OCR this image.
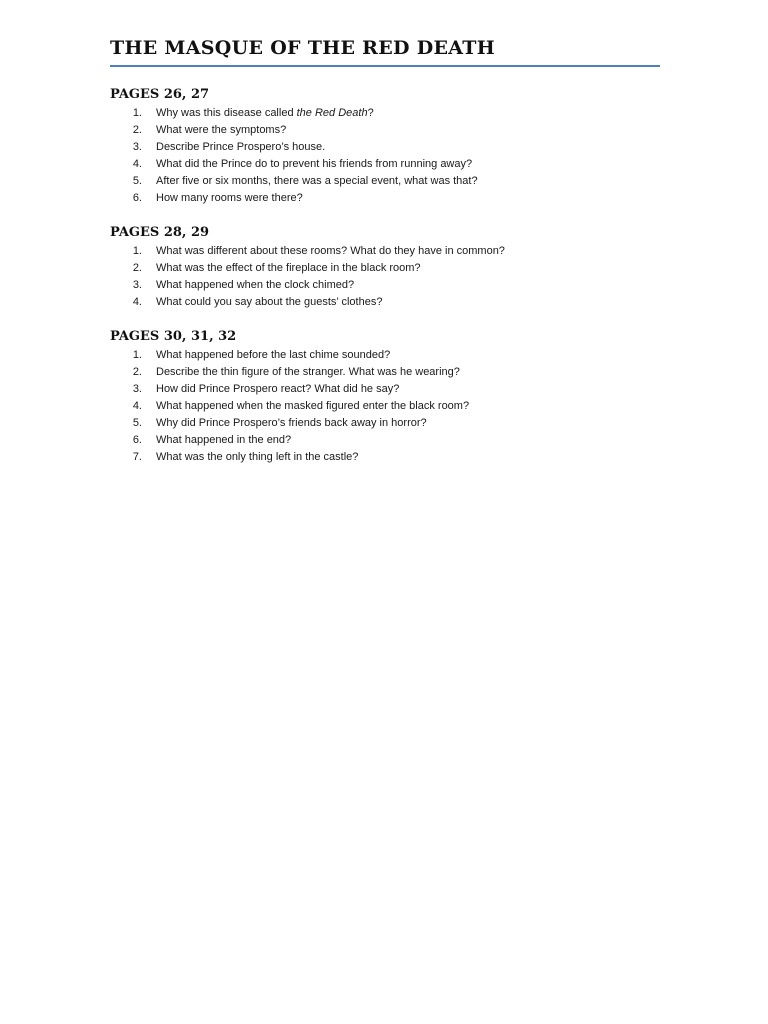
THE MASQUE OF THE RED DEATH
PAGES 26, 27
1.	Why was this disease called the Red Death?
2.	What were the symptoms?
3.	Describe Prince Prospero’s house.
4.	What did the Prince do to prevent his friends from running away?
5.	After five or six months, there was a special event, what was that?
6.	How many rooms were there?
PAGES 28, 29
1.	What was different about these rooms? What do they have in common?
2.	What was the effect of the fireplace in the black room?
3.	What happened when the clock chimed?
4.	What could you say about the guests’ clothes?
PAGES 30, 31, 32
1.	What happened before the last chime sounded?
2.	Describe the thin figure of the stranger. What was he wearing?
3.	How did Prince Prospero react? What did he say?
4.	What happened when the masked figured enter the black room?
5.	Why did Prince Prospero’s friends back away in horror?
6.	What happened in the end?
7.	What was the only thing left in the castle?
